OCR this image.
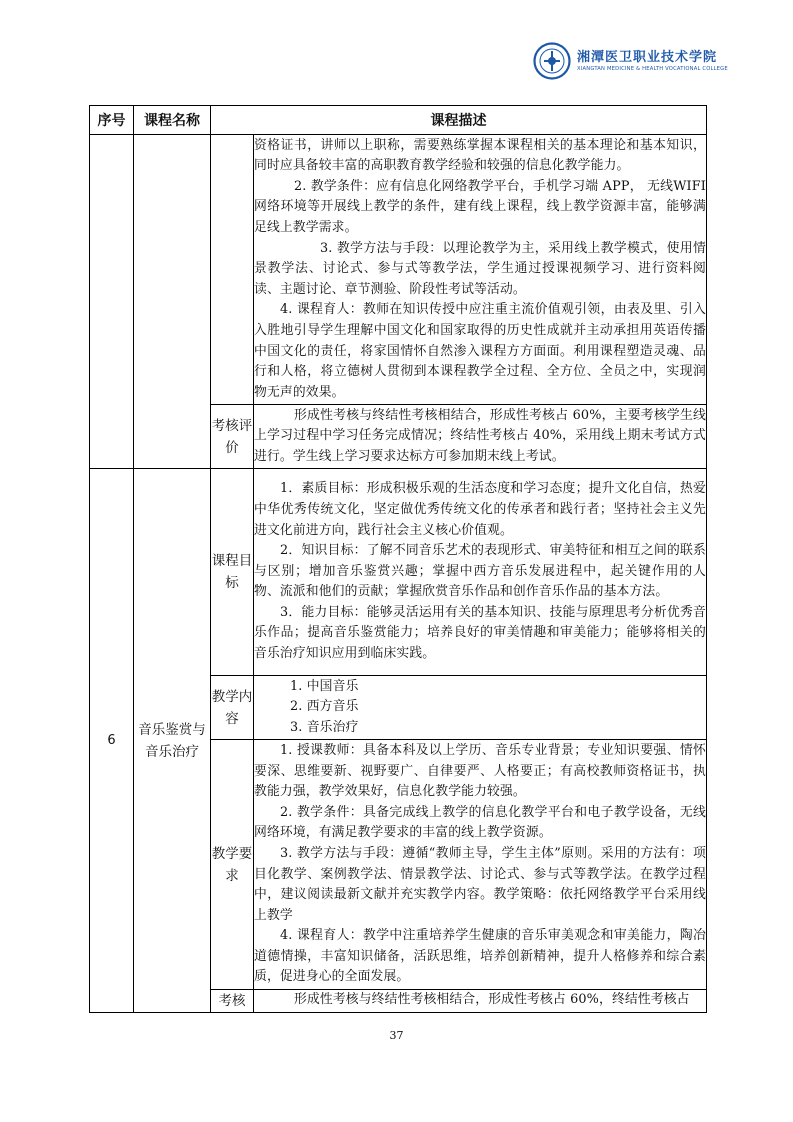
湘潭医卫职业技术学院
XIANGTAN MEDICINE & HEALTH VOCATIONAL COLLEGE
序号	课程名称	课程描述	

			资格证书，讲师以上职称，需要熟练掌握本课程相关的基本理论和基本知识，同时应具备较丰富的高职教育教学经验和较强的信息化教学能力。

2. 教学条件：应有信息化网络教学平台，手机学习端 APP， 无线WIFI 网络环境等开展线上教学的条件，建有线上课程，线上教学资源丰富，能够满足线上教学需求。

3. 教学方法与手段：以理论教学为主，采用线上教学模式，使用情景教学法、讨论式、参与式等教学法，学生通过授课视频学习、进行资料阅读、主题讨论、章节测验、阶段性考试等活动。

4. 课程育人：教师在知识传授中应注重主流价值观引领，由表及里、引入入胜地引导学生理解中国文化和国家取得的历史性成就并主动承担用英语传播中国文化的责任，将家国情怀自然渗入课程方方面面。利用课程塑造灵魂、品行和人格，将立德树人贯彻到本课程教学全过程、全方位、全员之中，实现润物无声的效果。

		考核评价	形成性考核与终结性考核相结合，形成性考核占 60%，主要考核学生线上学习过程中学习任务完成情况；终结性考核占 40%，采用线上期末考试方式进行。学生线上学习要求达标方可参加期末线上考试。

6	音乐鉴赏与音乐治疗	课程目标	1．素质目标：形成积极乐观的生活态度和学习态度；提升文化自信，热爱中华优秀传统文化，坚定做优秀传统文化的传承者和践行者；坚持社会主义先进文化前进方向，践行社会主义核心价值观。

2．知识目标：了解不同音乐艺术的表现形式、审美特征和相互之间的联系与区别；增加音乐鉴赏兴趣；掌握中西方音乐发展进程中，起关键作用的人物、流派和他们的贡献；掌握欣赏音乐作品和创作音乐作品的基本方法。

3．能力目标：能够灵活运用有关的基本知识、技能与原理思考分析优秀音乐作品；提高音乐鉴赏能力；培养良好的审美情趣和审美能力；能够将相关的音乐治疗知识应用到临床实践。

		教学内容	1. 中国音乐

2. 西方音乐

3. 音乐治疗

		教学要求	1. 授课教师：具备本科及以上学历、音乐专业背景；专业知识要强、情怀要深、思维要新、视野要广、自律要严、人格要正；有高校教师资格证书，执教能力强，教学效果好，信息化教学能力较强。

2. 教学条件：具备完成线上教学的信息化教学平台和电子教学设备，无线网络环境，有满足教学要求的丰富的线上教学资源。

3. 教学方法与手段：遵循“教师主导，学生主体”原则。采用的方法有：项目化教学、案例教学法、情景教学法、讨论式、参与式等教学法。在教学过程中，建议阅读最新文献并充实教学内容。教学策略：依托网络教学平台采用线上教学

4. 课程育人：教学中注重培养学生健康的音乐审美观念和审美能力，陶冶道德情操，丰富知识储备，活跃思维，培养创新精神，提升人格修养和综合素质，促进身心的全面发展。

		考核	形成性考核与终结性考核相结合，形成性考核占 60%，终结性考核占

37
